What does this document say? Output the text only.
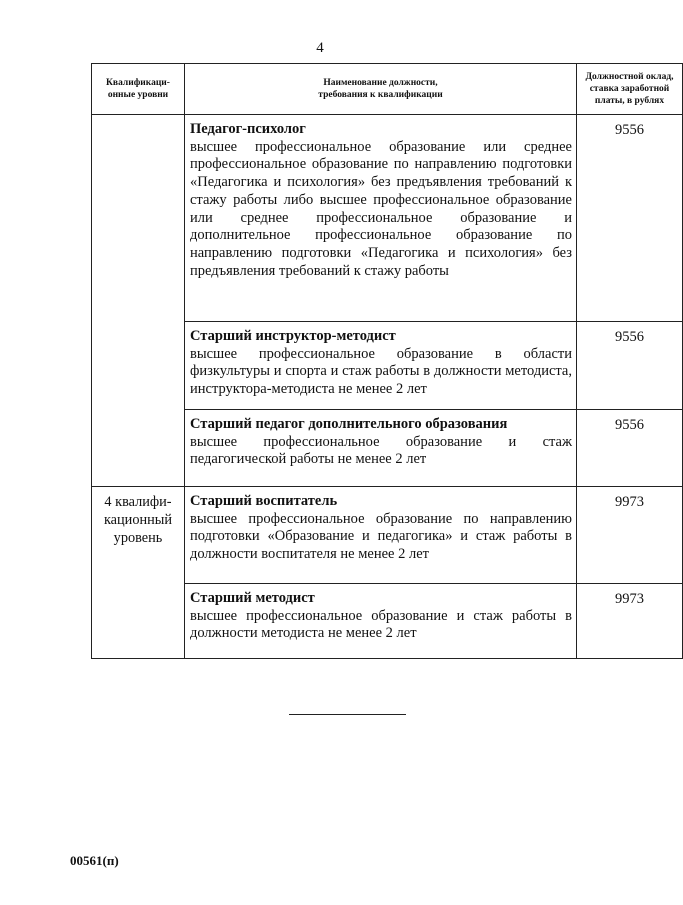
4
Квалификаци-
онные уровни	Наименование должности,
требования к квалификации	Должностной оклад,
ставка заработной
платы, в рублях

	Педагог-психолог
высшее профессиональное образование или среднее профессиональное образование по направлению подготовки «Педагогика и психология» без предъявления требований к стажу работы либо высшее профессиональное образование или среднее профессиональное образование и дополнительное профессиональное образование по направлению подготовки «Педагогика и психология» без предъявления требований к стажу работы	9556

	Старший инструктор-методист
высшее профессиональное образование в области физкультуры и спорта и стаж работы в должности методиста, инструктора-методиста не менее 2 лет	9556

	Старший педагог дополнительного образования
высшее профессиональное образование и стаж педагогической работы не менее 2 лет	9556

4 квалифи-
кационный
уровень	Старший воспитатель
высшее профессиональное образование по направлению подготовки «Образование и педагогика» и стаж работы в должности воспитателя не менее 2 лет	9973

	Старший методист
высшее профессиональное образование и стаж работы в должности методиста не менее 2 лет	9973
00561(п)
